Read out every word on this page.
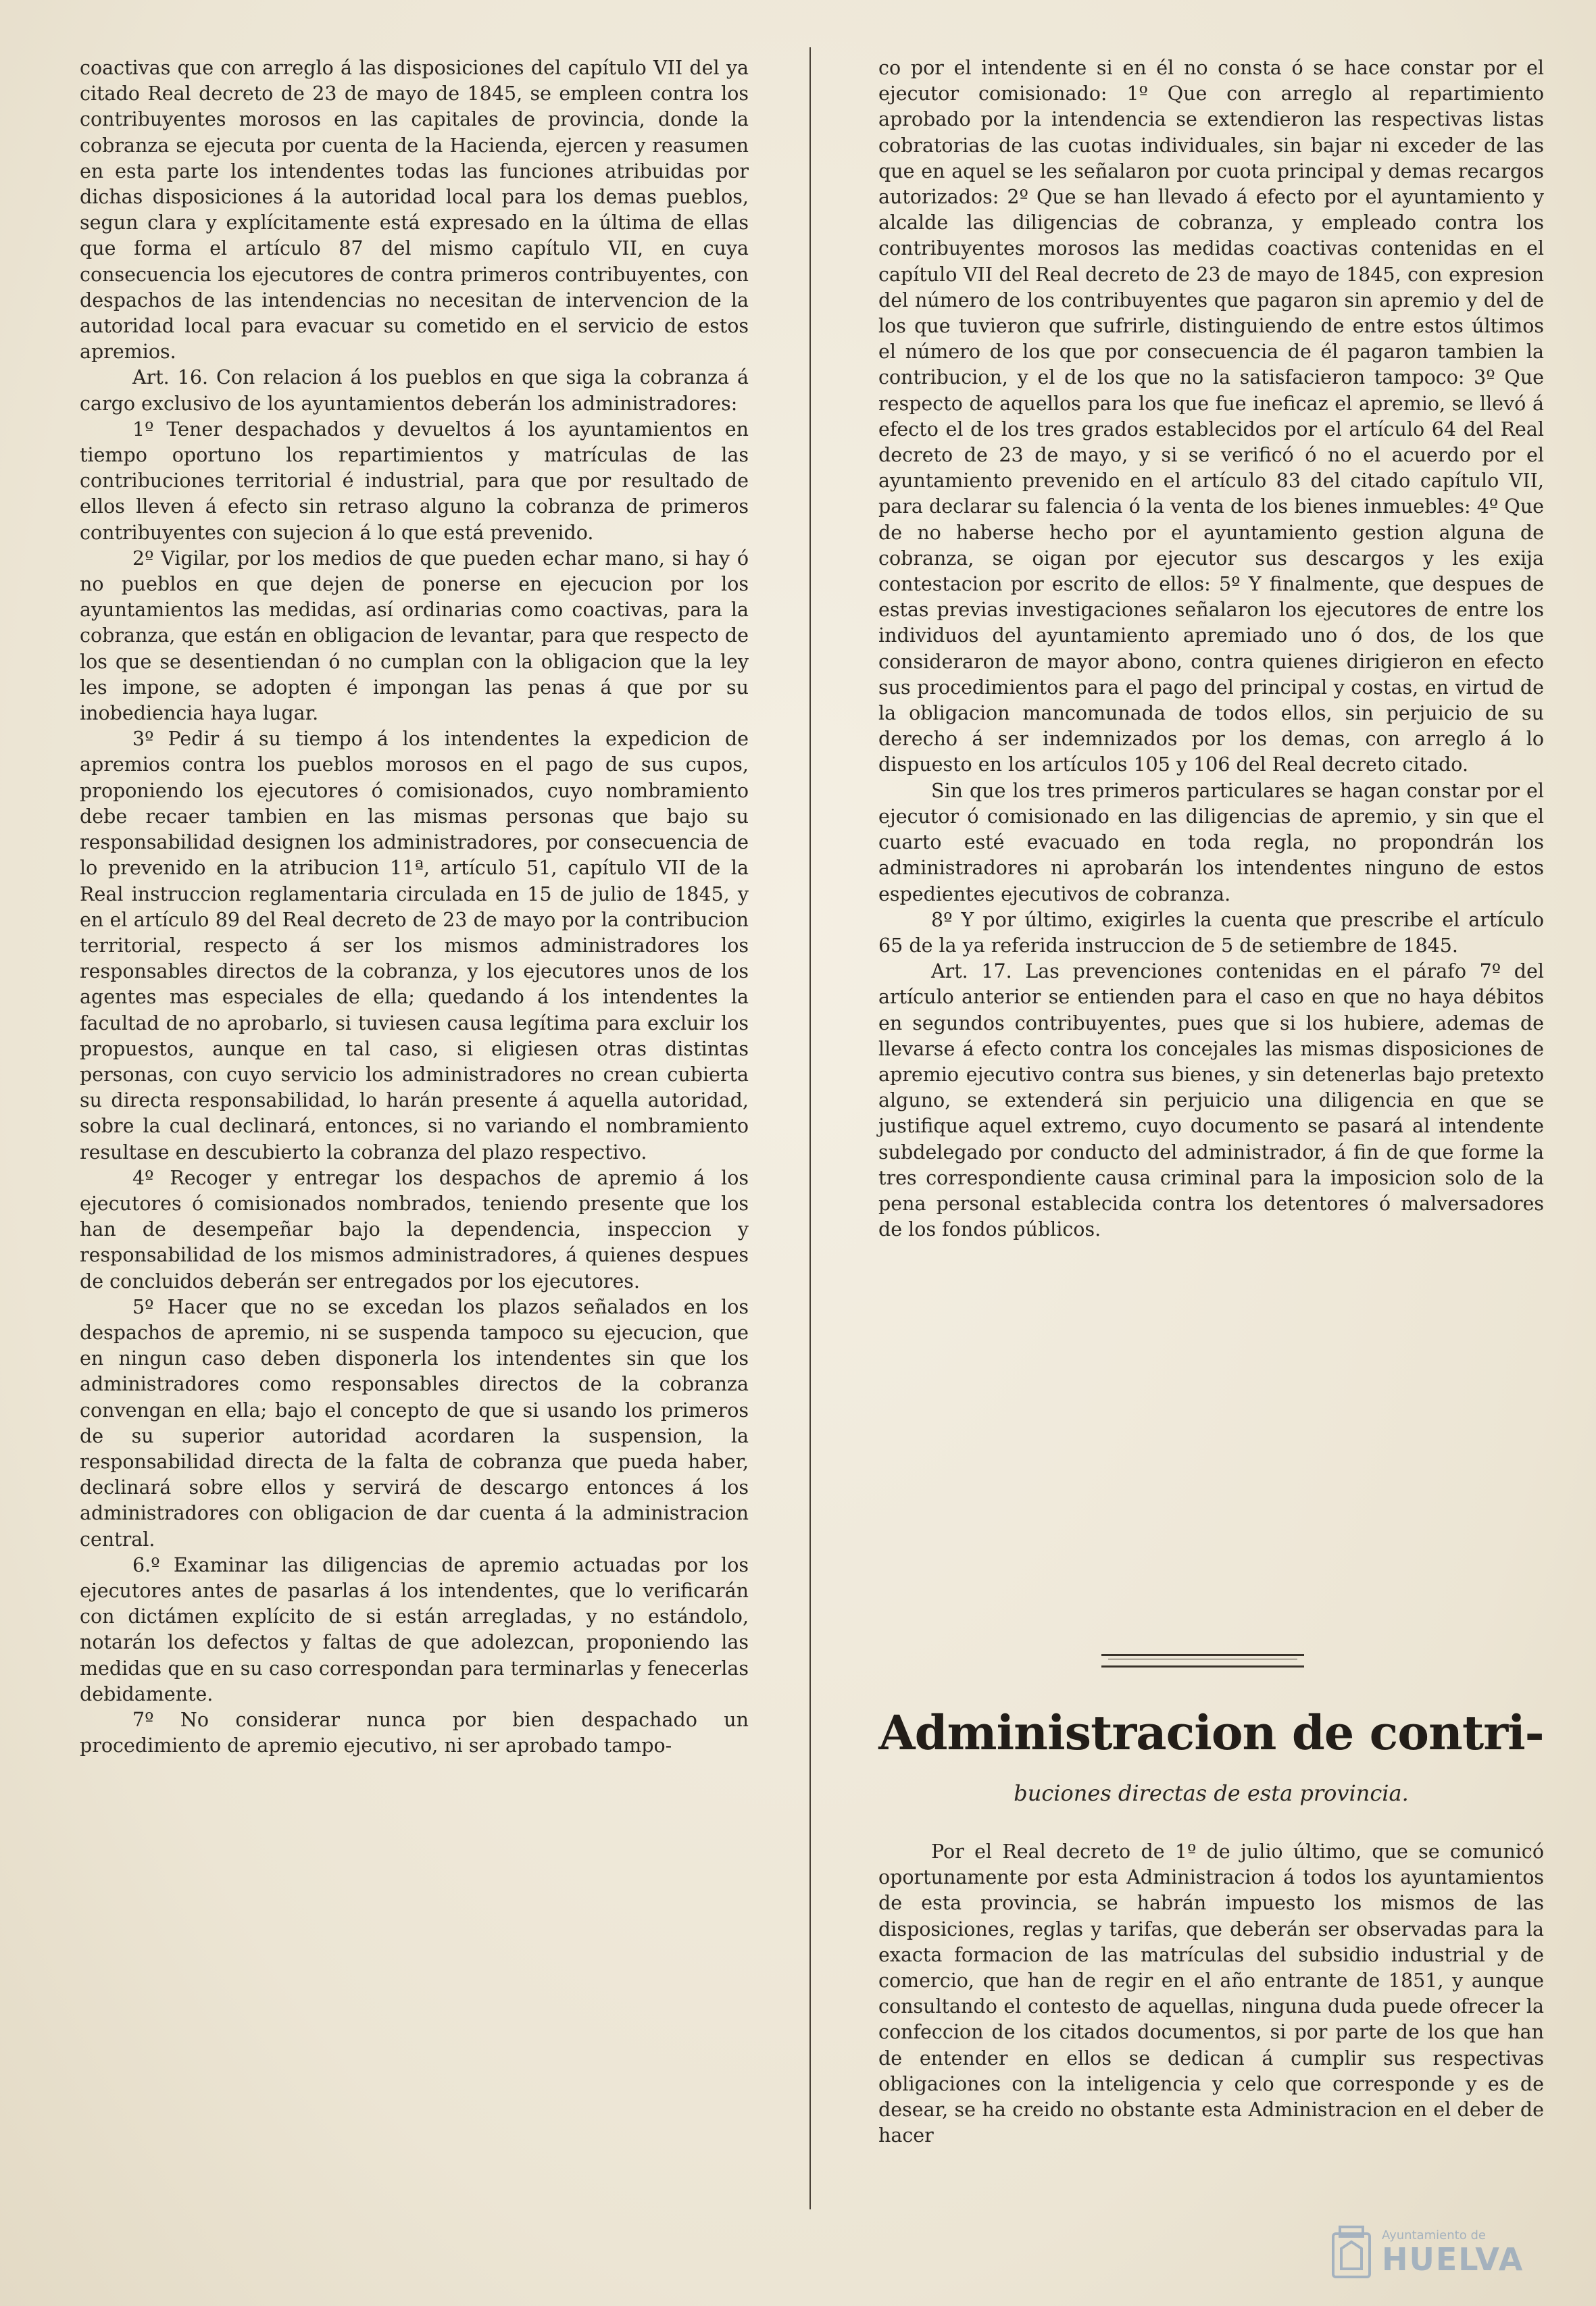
coactivas que con arreglo á las disposiciones del capítulo VII del ya citado Real decreto de 23 de mayo de 1845, se empleen contra los contribuyentes morosos en las capitales de provincia, donde la cobranza se ejecuta por cuenta de la Hacienda, ejercen y reasumen en esta parte los intendentes todas las funciones atribuidas por dichas disposiciones á la autoridad local para los demas pueblos, segun clara y explícitamente está expresado en la última de ellas que forma el artículo 87 del mismo capítulo VII, en cuya consecuencia los ejecutores de contra primeros contribuyentes, con despachos de las intendencias no necesitan de intervencion de la autoridad local para evacuar su cometido en el servicio de estos apremios.

Art. 16. Con relacion á los pueblos en que siga la cobranza á cargo exclusivo de los ayuntamientos deberán los administradores:

1º Tener despachados y devueltos á los ayuntamientos en tiempo oportuno los repartimientos y matrículas de las contribuciones territorial é industrial, para que por resultado de ellos lleven á efecto sin retraso alguno la cobranza de primeros contribuyentes con sujecion á lo que está prevenido.

2º Vigilar, por los medios de que pueden echar mano, si hay ó no pueblos en que dejen de ponerse en ejecucion por los ayuntamientos las medidas, así ordinarias como coactivas, para la cobranza, que están en obligacion de levantar, para que respecto de los que se desentiendan ó no cumplan con la obligacion que la ley les impone, se adopten é impongan las penas á que por su inobediencia haya lugar.

3º Pedir á su tiempo á los intendentes la expedicion de apremios contra los pueblos morosos en el pago de sus cupos, proponiendo los ejecutores ó comisionados, cuyo nombramiento debe recaer tambien en las mismas personas que bajo su responsabilidad designen los administradores, por consecuencia de lo prevenido en la atribucion 11ª, artículo 51, capítulo VII de la Real instruccion reglamentaria circulada en 15 de julio de 1845, y en el artículo 89 del Real decreto de 23 de mayo por la contribucion territorial, respecto á ser los mismos administradores los responsables directos de la cobranza, y los ejecutores unos de los agentes mas especiales de ella; quedando á los intendentes la facultad de no aprobarlo, si tuviesen causa legítima para excluir los propuestos, aunque en tal caso, si eligiesen otras distintas personas, con cuyo servicio los administradores no crean cubierta su directa responsabilidad, lo harán presente á aquella autoridad, sobre la cual declinará, entonces, si no variando el nombramiento resultase en descubierto la cobranza del plazo respectivo.

4º Recoger y entregar los despachos de apremio á los ejecutores ó comisionados nombrados, teniendo presente que los han de desempeñar bajo la dependencia, inspeccion y responsabilidad de los mismos administradores, á quienes despues de concluidos deberán ser entregados por los ejecutores.

5º Hacer que no se excedan los plazos señalados en los despachos de apremio, ni se suspenda tampoco su ejecucion, que en ningun caso deben disponerla los intendentes sin que los administradores como responsables directos de la cobranza convengan en ella; bajo el concepto de que si usando los primeros de su superior autoridad acordaren la suspension, la responsabilidad directa de la falta de cobranza que pueda haber, declinará sobre ellos y servirá de descargo entonces á los administradores con obligacion de dar cuenta á la administracion central.

6.º Examinar las diligencias de apremio actuadas por los ejecutores antes de pasarlas á los intendentes, que lo verificarán con dictámen explícito de si están arregladas, y no estándolo, notarán los defectos y faltas de que adolezcan, proponiendo las medidas que en su caso correspondan para terminarlas y fenecerlas debidamente.

7º No considerar nunca por bien despachado un procedimiento de apremio ejecutivo, ni ser aprobado tampo-

co por el intendente si en él no consta ó se hace constar por el ejecutor comisionado: 1º Que con arreglo al repartimiento aprobado por la intendencia se extendieron las respectivas listas cobratorias de las cuotas individuales, sin bajar ni exceder de las que en aquel se les señalaron por cuota principal y demas recargos autorizados: 2º Que se han llevado á efecto por el ayuntamiento y alcalde las diligencias de cobranza, y empleado contra los contribuyentes morosos las medidas coactivas contenidas en el capítulo VII del Real decreto de 23 de mayo de 1845, con expresion del número de los contribuyentes que pagaron sin apremio y del de los que tuvieron que sufrirle, distinguiendo de entre estos últimos el número de los que por consecuencia de él pagaron tambien la contribucion, y el de los que no la satisfacieron tampoco: 3º Que respecto de aquellos para los que fue ineficaz el apremio, se llevó á efecto el de los tres grados establecidos por el artículo 64 del Real decreto de 23 de mayo, y si se verificó ó no el acuerdo por el ayuntamiento prevenido en el artículo 83 del citado capítulo VII, para declarar su falencia ó la venta de los bienes inmuebles: 4º Que de no haberse hecho por el ayuntamiento gestion alguna de cobranza, se oigan por ejecutor sus descargos y les exija contestacion por escrito de ellos: 5º Y finalmente, que despues de estas previas investigaciones señalaron los ejecutores de entre los individuos del ayuntamiento apremiado uno ó dos, de los que consideraron de mayor abono, contra quienes dirigieron en efecto sus procedimientos para el pago del principal y costas, en virtud de la obligacion mancomunada de todos ellos, sin perjuicio de su derecho á ser indemnizados por los demas, con arreglo á lo dispuesto en los artículos 105 y 106 del Real decreto citado.

Sin que los tres primeros particulares se hagan constar por el ejecutor ó comisionado en las diligencias de apremio, y sin que el cuarto esté evacuado en toda regla, no propondrán los administradores ni aprobarán los intendentes ninguno de estos espedientes ejecutivos de cobranza.

8º Y por último, exigirles la cuenta que prescribe el artículo 65 de la ya referida instruccion de 5 de setiembre de 1845.

Art. 17. Las prevenciones contenidas en el párafo 7º del artículo anterior se entienden para el caso en que no haya débitos en segundos contribuyentes, pues que si los hubiere, ademas de llevarse á efecto contra los concejales las mismas disposiciones de apremio ejecutivo contra sus bienes, y sin detenerlas bajo pretexto alguno, se extenderá sin perjuicio una diligencia en que se justifique aquel extremo, cuyo documento se pasará al intendente subdelegado por conducto del administrador, á fin de que forme la tres correspondiente causa criminal para la imposicion solo de la pena personal establecida contra los detentores ó malversadores de los fondos públicos.

Administracion de contri-
buciones directas de esta provincia.

Por el Real decreto de 1º de julio último, que se comunicó oportunamente por esta Administracion á todos los ayuntamientos de esta provincia, se habrán impuesto los mismos de las disposiciones, reglas y tarifas, que deberán ser observadas para la exacta formacion de las matrículas del subsidio industrial y de comercio, que han de regir en el año entrante de 1851, y aunque consultando el contesto de aquellas, ninguna duda puede ofrecer la confeccion de los citados documentos, si por parte de los que han de entender en ellos se dedican á cumplir sus respectivas obligaciones con la inteligencia y celo que corresponde y es de desear, se ha creido no obstante esta Administracion en el deber de hacer

Ayuntamiento de
HUELVA
